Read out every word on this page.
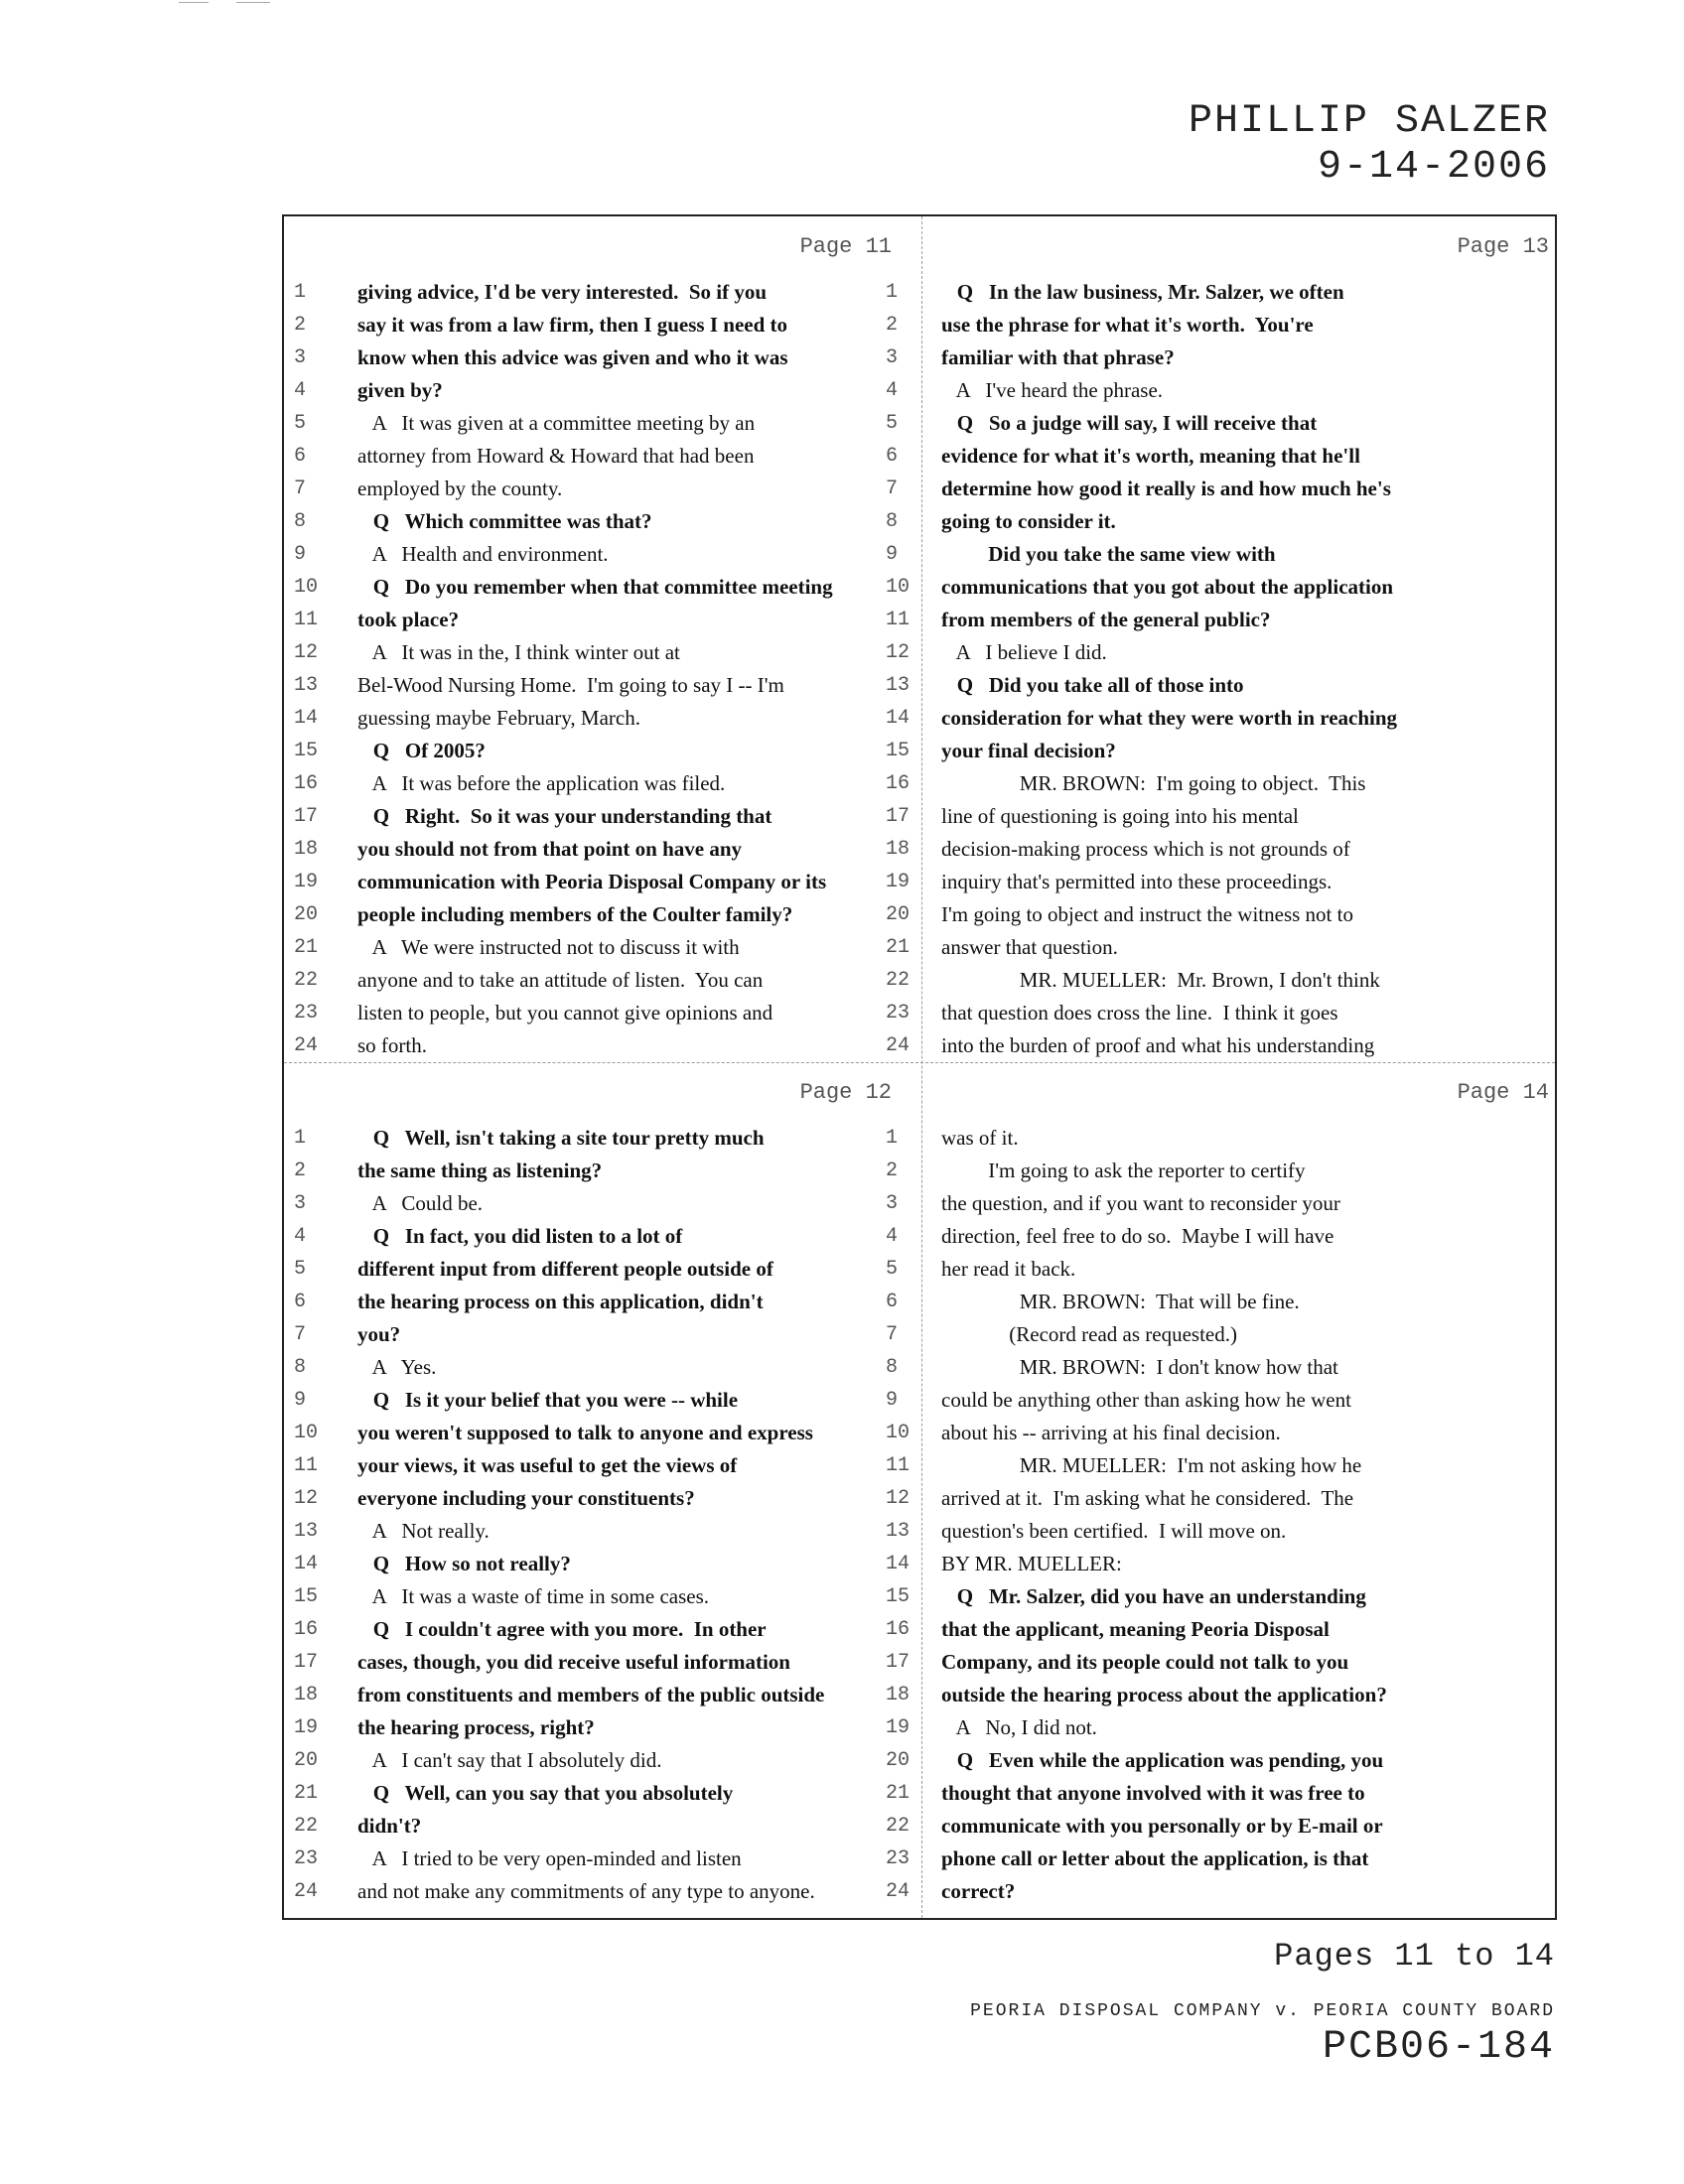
PHILLIP SALZER
9-14-2006
Page 11
1 giving advice, I'd be very interested.  So if you
2 say it was from a law firm, then I guess I need to
3 know when this advice was given and who it was
4 given by?
5 A   It was given at a committee meeting by an
6 attorney from Howard & Howard that had been
7 employed by the county.
8 Q   Which committee was that?
9 A   Health and environment.
10 Q   Do you remember when that committee meeting
11 took place?
12 A   It was in the, I think winter out at
13 Bel-Wood Nursing Home.  I'm going to say I -- I'm
14 guessing maybe February, March.
15 Q   Of 2005?
16 A   It was before the application was filed.
17 Q   Right.  So it was your understanding that
18 you should not from that point on have any
19 communication with Peoria Disposal Company or its
20 people including members of the Coulter family?
21 A   We were instructed not to discuss it with
22 anyone and to take an attitude of listen.  You can
23 listen to people, but you cannot give opinions and
24 so forth.
Page 13
1 Q   In the law business, Mr. Salzer, we often
2 use the phrase for what it's worth.  You're
3 familiar with that phrase?
4 A   I've heard the phrase.
5 Q   So a judge will say, I will receive that
6 evidence for what it's worth, meaning that he'll
7 determine how good it really is and how much he's
8 going to consider it.
9 Did you take the same view with
10 communications that you got about the application
11 from members of the general public?
12 A   I believe I did.
13 Q   Did you take all of those into
14 consideration for what they were worth in reaching
15 your final decision?
16 MR. BROWN:  I'm going to object.  This
17 line of questioning is going into his mental
18 decision-making process which is not grounds of
19 inquiry that's permitted into these proceedings.
20 I'm going to object and instruct the witness not to
21 answer that question.
22 MR. MUELLER:  Mr. Brown, I don't think
23 that question does cross the line.  I think it goes
24 into the burden of proof and what his understanding
Page 12
1 Q   Well, isn't taking a site tour pretty much
2 the same thing as listening?
3 A   Could be.
4 Q   In fact, you did listen to a lot of
5 different input from different people outside of
6 the hearing process on this application, didn't
7 you?
8 A   Yes.
9 Q   Is it your belief that you were -- while
10 you weren't supposed to talk to anyone and express
11 your views, it was useful to get the views of
12 everyone including your constituents?
13 A   Not really.
14 Q   How so not really?
15 A   It was a waste of time in some cases.
16 Q   I couldn't agree with you more.  In other
17 cases, though, you did receive useful information
18 from constituents and members of the public outside
19 the hearing process, right?
20 A   I can't say that I absolutely did.
21 Q   Well, can you say that you absolutely
22 didn't?
23 A   I tried to be very open-minded and listen
24 and not make any commitments of any type to anyone.
Page 14
1 was of it.
2 I'm going to ask the reporter to certify
3 the question, and if you want to reconsider your
4 direction, feel free to do so.  Maybe I will have
5 her read it back.
6 MR. BROWN:  That will be fine.
7 (Record read as requested.)
8 MR. BROWN:  I don't know how that
9 could be anything other than asking how he went
10 about his -- arriving at his final decision.
11 MR. MUELLER:  I'm not asking how he
12 arrived at it.  I'm asking what he considered.  The
13 question's been certified.  I will move on.
14 BY MR. MUELLER:
15 Q   Mr. Salzer, did you have an understanding
16 that the applicant, meaning Peoria Disposal
17 Company, and its people could not talk to you
18 outside the hearing process about the application?
19 A   No, I did not.
20 Q   Even while the application was pending, you
21 thought that anyone involved with it was free to
22 communicate with you personally or by E-mail or
23 phone call or letter about the application, is that
24 correct?
Pages 11 to 14
PEORIA DISPOSAL COMPANY v. PEORIA COUNTY BOARD
PCB06-184
